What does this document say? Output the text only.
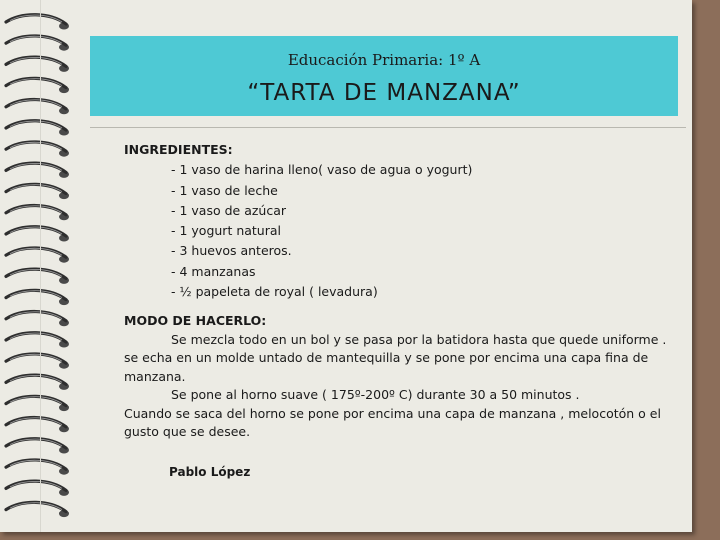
Educación Primaria: 1º A
“TARTA DE MANZANA”
INGREDIENTES:
- 1 vaso de harina lleno( vaso de agua o yogurt)
- 1 vaso de leche
- 1 vaso de azúcar
- 1 yogurt natural
- 3 huevos anteros.
- 4 manzanas
- ½ papeleta de royal ( levadura)
MODO DE HACERLO:

Se mezcla todo en un bol y se pasa por la batidora hasta que quede uniforme . se echa en un molde untado de mantequilla y se pone por encima una capa fina de manzana.

Se pone al horno suave ( 175º-200º C) durante 30 a 50 minutos .

Cuando se saca del horno se pone por encima una capa de manzana , melocotón o el gusto que se desee.

Pablo López
